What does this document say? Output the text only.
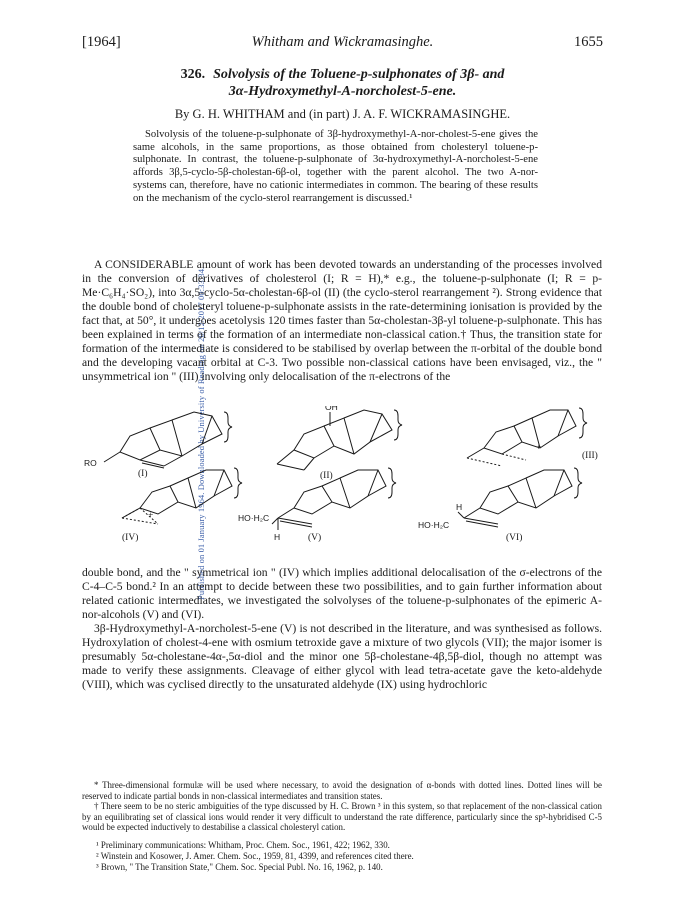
Published on 01 January 1964. Downloaded by University of Reading on 20/12/2017 00:33:34.
[1964]	Whitham and Wickramasinghe.	1655
326. Solvolysis of the Toluene-p-sulphonates of 3β- and
3α-Hydroxymethyl-A-norcholest-5-ene.
By G. H. WHITHAM and (in part) J. A. F. WICKRAMASINGHE.

Solvolysis of the toluene-p-sulphonate of 3β-hydroxymethyl-A-nor-cholest-5-ene gives the same alcohols, in the same proportions, as those obtained from cholesteryl toluene-p-sulphonate. In contrast, the toluene-p-sulphonate of 3α-hydroxymethyl-A-norcholest-5-ene affords 3β,5-cyclo-5β-cholestan-6β-ol, together with the parent alcohol. The two A-nor-systems can, therefore, have no cationic intermediates in common. The bearing of these results on the mechanism of the cyclo-sterol rearrangement is discussed.¹

A CONSIDERABLE amount of work has been devoted towards an understanding of the processes involved in the conversion of derivatives of cholesterol (I; R = H),* e.g., the toluene-p-sulphonate (I; R = p-Me·C₆H₄·SO₂), into 3α,5-cyclo-5α-cholestan-6β-ol (II) (the cyclo-sterol rearrangement ²). Strong evidence that the double bond of cholesteryl toluene-p-sulphonate assists in the rate-determining ionisation is provided by the fact that, at 50°, it undergoes acetolysis 120 times faster than 5α-cholestan-3β-yl toluene-p-sulphonate. This has been explained in terms of the formation of an intermediate non-classical cation.† Thus, the transition state for formation of the intermediate is considered to be stabilised by overlap between the π-orbital of the double bond and the developing vacant orbital at C-3. Two possible non-classical cations have been envisaged, viz., the " unsymmetrical ion " (III) involving only delocalisation of the π-electrons of the

RO
OH
+
+	HO·H₂C
H
HO·H₂C
H
(I)	(II)
(III)
(IV)	(V)	(VI)

double bond, and the " symmetrical ion " (IV) which implies additional delocalisation of the σ-electrons of the C-4–C-5 bond.² In an attempt to decide between these two possibilities, and to gain further information about related cationic intermediates, we investigated the solvolyses of the toluene-p-sulphonates of the epimeric A-nor-alcohols (V) and (VI).

3β-Hydroxymethyl-A-norcholest-5-ene (V) is not described in the literature, and was synthesised as follows. Hydroxylation of cholest-4-ene with osmium tetroxide gave a mixture of two glycols (VII); the major isomer is presumably 5α-cholestane-4α-,5α-diol and the minor one 5β-cholestane-4β,5β-diol, though no attempt was made to verify these assignments. Cleavage of either glycol with lead tetra-acetate gave the keto-aldehyde (VIII), which was cyclised directly to the unsaturated aldehyde (IX) using hydrochloric

* Three-dimensional formulæ will be used where necessary, to avoid the designation of α-bonds with dotted lines. Dotted lines will be reserved to indicate partial bonds in non-classical intermediates and transition states.

† There seem to be no steric ambiguities of the type discussed by H. C. Brown ³ in this system, so that replacement of the non-classical cation by an equilibrating set of classical ions would render it very difficult to understand the rate difference, particularly since the sp³-hybridised C-5 would be expected inductively to destabilise a classical cholesteryl cation.

¹ Preliminary communications: Whitham, Proc. Chem. Soc., 1961, 422; 1962, 330.

² Winstein and Kosower, J. Amer. Chem. Soc., 1959, 81, 4399, and references cited there.

³ Brown, " The Transition State," Chem. Soc. Special Publ. No. 16, 1962, p. 140.
